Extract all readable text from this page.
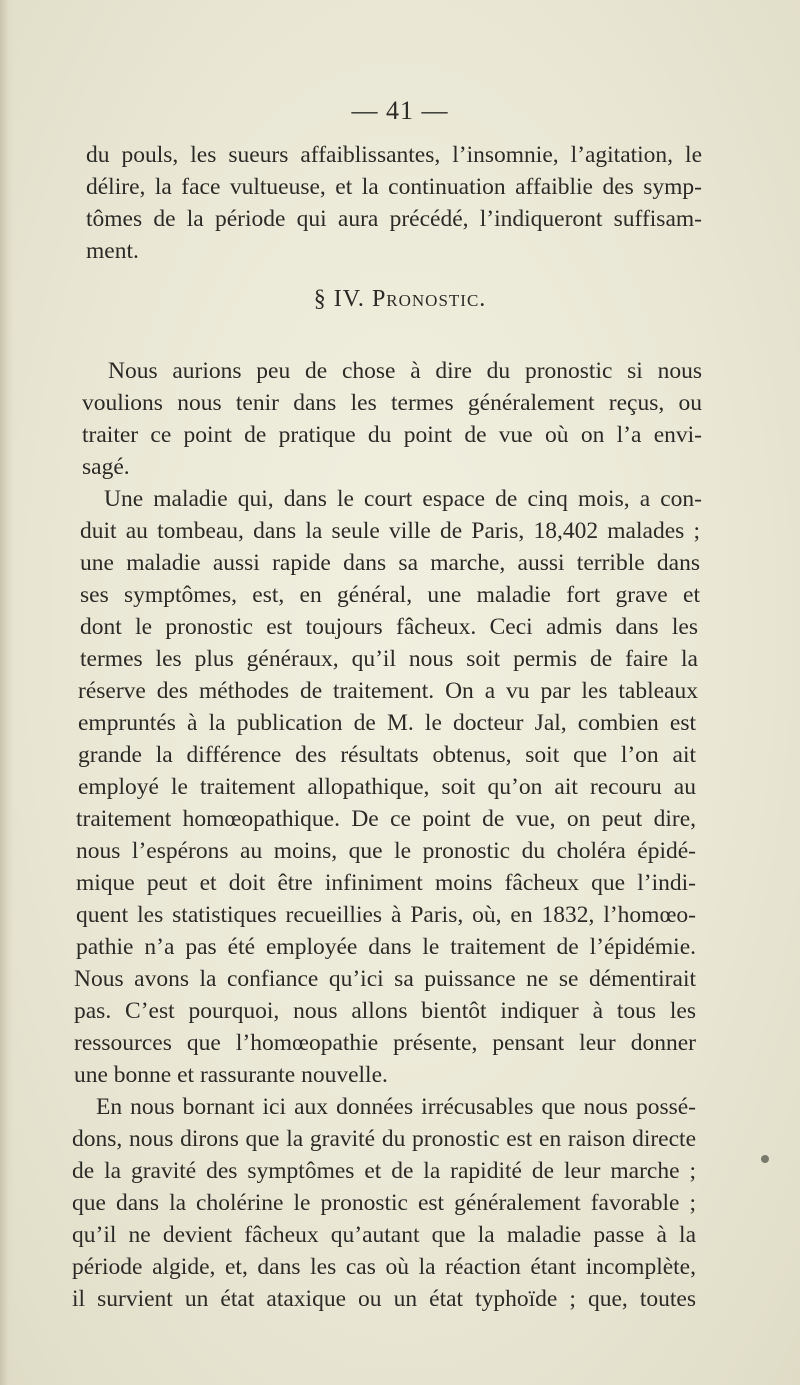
— 41 —
§ IV. Pronostic.
du pouls, les sueurs affaiblissantes, l’insomnie, l’agitation, le
délire, la face vultueuse, et la continuation affaiblie des symp-
tômes de la période qui aura précédé, l’indiqueront suffisam-
ment.
Nous aurions peu de chose à dire du pronostic si nous
voulions nous tenir dans les termes généralement reçus, ou
traiter ce point de pratique du point de vue où on l’a envi-
sagé.
Une maladie qui, dans le court espace de cinq mois, a con-
duit au tombeau, dans la seule ville de Paris, 18,402 malades ;
une maladie aussi rapide dans sa marche, aussi terrible dans
ses symptômes, est, en général, une maladie fort grave et
dont le pronostic est toujours fâcheux. Ceci admis dans les
termes les plus généraux, qu’il nous soit permis de faire la
réserve des méthodes de traitement. On a vu par les tableaux
empruntés à la publication de M. le docteur Jal, combien est
grande la différence des résultats obtenus, soit que l’on ait
employé le traitement allopathique, soit qu’on ait recouru au
traitement homœopathique. De ce point de vue, on peut dire,
nous l’espérons au moins, que le pronostic du choléra épidé-
mique peut et doit être infiniment moins fâcheux que l’indi-
quent les statistiques recueillies à Paris, où, en 1832, l’homœo-
pathie n’a pas été employée dans le traitement de l’épidémie.
Nous avons la confiance qu’ici sa puissance ne se démentirait
pas. C’est pourquoi, nous allons bientôt indiquer à tous les
ressources que l’homœopathie présente, pensant leur donner
une bonne et rassurante nouvelle.
En nous bornant ici aux données irrécusables que nous possé-
dons, nous dirons que la gravité du pronostic est en raison directe
de la gravité des symptômes et de la rapidité de leur marche ;
que dans la cholérine le pronostic est généralement favorable ;
qu’il ne devient fâcheux qu’autant que la maladie passe à la
période algide, et, dans les cas où la réaction étant incomplète,
il survient un état ataxique ou un état typhoïde ; que, toutes
